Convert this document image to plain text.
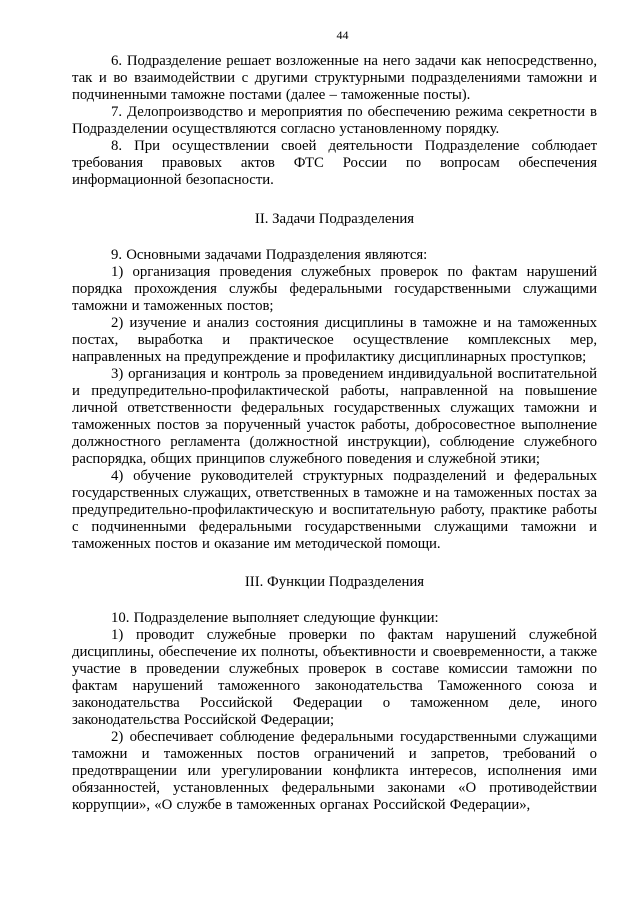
44

6. Подразделение решает возложенные на него задачи как непосредственно, так и во взаимодействии с другими структурными подразделениями таможни и подчиненными таможне постами (далее – таможенные посты).

7. Делопроизводство и мероприятия по обеспечению режима секретности в Подразделении осуществляются согласно установленному порядку.

8. При осуществлении своей деятельности Подразделение соблюдает требования правовых актов ФТС России по вопросам обеспечения информационной безопасности.

II. Задачи Подразделения

9. Основными задачами Подразделения являются:

1) организация проведения служебных проверок по фактам нарушений порядка прохождения службы федеральными государственными служащими таможни и таможенных постов;

2) изучение и анализ состояния дисциплины в таможне и на таможенных постах, выработка и практическое осуществление комплексных мер, направленных на предупреждение и профилактику дисциплинарных проступков;

3) организация и контроль за проведением индивидуальной воспитательной и предупредительно-профилактической работы, направленной на повышение личной ответственности федеральных государственных служащих таможни и таможенных постов за порученный участок работы, добросовестное выполнение должностного регламента (должностной инструкции), соблюдение служебного распорядка, общих принципов служебного поведения и служебной этики;

4) обучение руководителей структурных подразделений и федеральных государственных служащих, ответственных в таможне и на таможенных постах за предупредительно-профилактическую и воспитательную работу, практике работы с подчиненными федеральными государственными служащими таможни и таможенных постов и оказание им методической помощи.

III. Функции Подразделения

10. Подразделение выполняет следующие функции:

1) проводит служебные проверки по фактам нарушений служебной дисциплины, обеспечение их полноты, объективности и своевременности, а также участие в проведении служебных проверок в составе комиссии таможни по фактам нарушений таможенного законодательства Таможенного союза и законодательства Российской Федерации о таможенном деле, иного законодательства Российской Федерации;

2) обеспечивает соблюдение федеральными государственными служащими таможни и таможенных постов ограничений и запретов, требований о предотвращении или урегулировании конфликта интересов, исполнения ими обязанностей, установленных федеральными законами «О противодействии коррупции», «О службе в таможенных органах Российской Федерации»,
